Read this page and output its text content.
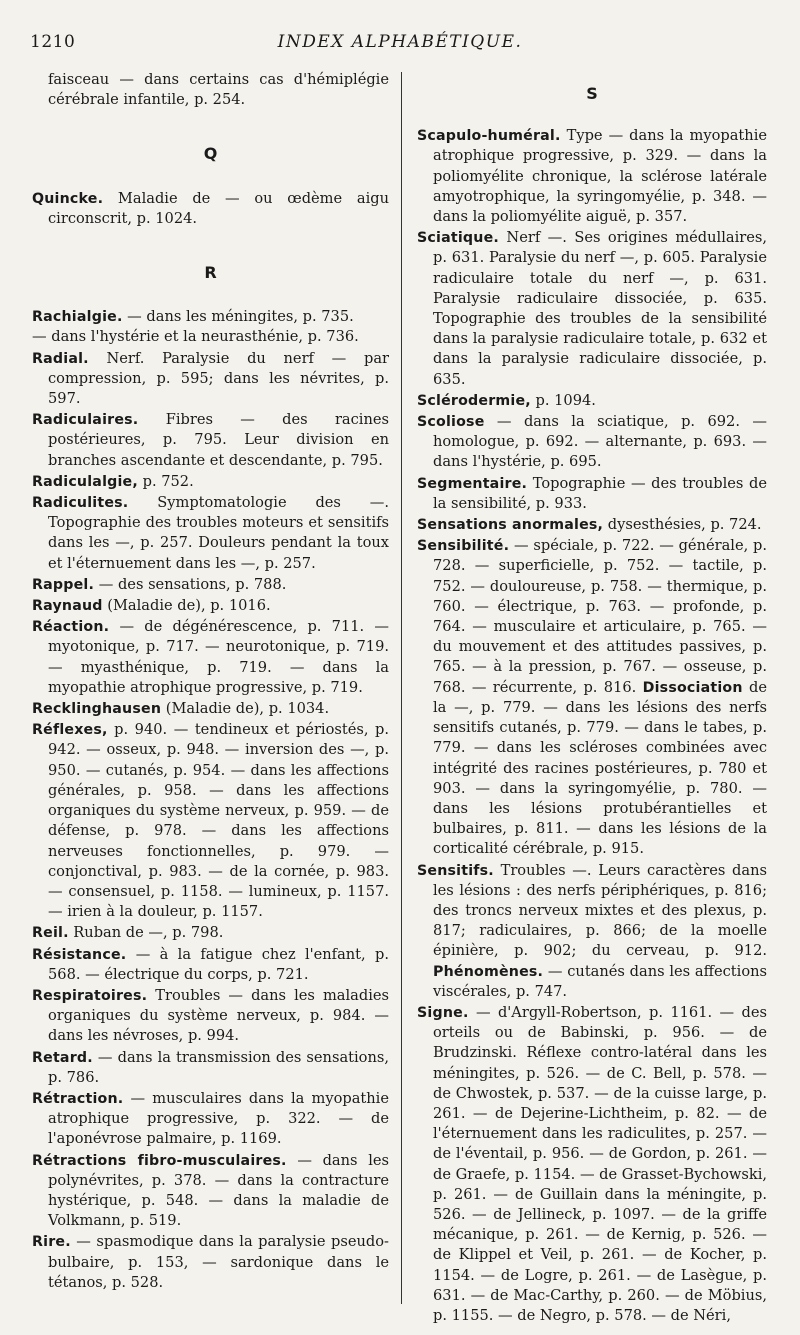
1210	INDEX ALPHABÉTIQUE.

faisceau — dans certains cas d'hémiplégie cérébrale infantile, p. 254.

Q

Quincke. Maladie de — ou œdème aigu circonscrit, p. 1024.

R

Rachialgie. — dans les méningites, p. 735.

— dans l'hystérie et la neurasthénie, p. 736.

Radial. Nerf. Paralysie du nerf — par compression, p. 595; dans les névrites, p. 597.

Radiculaires. Fibres — des racines postérieures, p. 795. Leur division en branches ascendante et descendante, p. 795.

Radiculalgie, p. 752.

Radiculites. Symptomatologie des —. Topographie des troubles moteurs et sensitifs dans les —, p. 257. Douleurs pendant la toux et l'éternuement dans les —, p. 257.

Rappel. — des sensations, p. 788.

Raynaud (Maladie de), p. 1016.

Réaction. — de dégénérescence, p. 711. — myotonique, p. 717. — neurotonique, p. 719. — myasthénique, p. 719. — dans la myopathie atrophique progressive, p. 719.

Recklinghausen (Maladie de), p. 1034.

Réflexes, p. 940. — tendineux et périostés, p. 942. — osseux, p. 948. — inversion des —, p. 950. — cutanés, p. 954. — dans les affections générales, p. 958. — dans les affections organiques du système nerveux, p. 959. — de défense, p. 978. — dans les affections nerveuses fonctionnelles, p. 979. — conjonctival, p. 983. — de la cornée, p. 983. — consensuel, p. 1158. — lumineux, p. 1157. — irien à la douleur, p. 1157.

Reil. Ruban de —, p. 798.

Résistance. — à la fatigue chez l'enfant, p. 568. — électrique du corps, p. 721.

Respiratoires. Troubles — dans les maladies organiques du système nerveux, p. 984. — dans les névroses, p. 994.

Retard. — dans la transmission des sensations, p. 786.

Rétraction. — musculaires dans la myopathie atrophique progressive, p. 322. — de l'aponévrose palmaire, p. 1169.

Rétractions fibro-musculaires. — dans les polynévrites, p. 378. — dans la contracture hystérique, p. 548. — dans la maladie de Volkmann, p. 519.

Rire. — spasmodique dans la paralysie pseudo-bulbaire, p. 153, — sardonique dans le tétanos, p. 528.

S

Scapulo-huméral. Type — dans la myopathie atrophique progressive, p. 329. — dans la poliomyélite chronique, la sclérose latérale amyotrophique, la syringomyélie, p. 348. — dans la poliomyélite aiguë, p. 357.

Sciatique. Nerf —. Ses origines médullaires, p. 631. Paralysie du nerf —, p. 605. Paralysie radiculaire totale du nerf —, p. 631. Paralysie radiculaire dissociée, p. 635. Topographie des troubles de la sensibilité dans la paralysie radiculaire totale, p. 632 et dans la paralysie radiculaire dissociée, p. 635.

Sclérodermie, p. 1094.

Scoliose — dans la sciatique, p. 692. — homologue, p. 692. — alternante, p. 693. — dans l'hystérie, p. 695.

Segmentaire. Topographie — des troubles de la sensibilité, p. 933.

Sensations anormales, dysesthésies, p. 724.

Sensibilité. — spéciale, p. 722. — générale, p. 728. — superficielle, p. 752. — tactile, p. 752. — douloureuse, p. 758. — thermique, p. 760. — électrique, p. 763. — profonde, p. 764. — musculaire et articulaire, p. 765. — du mouvement et des attitudes passives, p. 765. — à la pression, p. 767. — osseuse, p. 768. — récurrente, p. 816. Dissociation de la —, p. 779. — dans les lésions des nerfs sensitifs cutanés, p. 779. — dans le tabes, p. 779. — dans les scléroses combinées avec intégrité des racines postérieures, p. 780 et 903. — dans la syringomyélie, p. 780. — dans les lésions protubérantielles et bulbaires, p. 811. — dans les lésions de la corticalité cérébrale, p. 915.

Sensitifs. Troubles —. Leurs caractères dans les lésions : des nerfs périphériques, p. 816; des troncs nerveux mixtes et des plexus, p. 817; radiculaires, p. 866; de la moelle épinière, p. 902; du cerveau, p. 912. Phénomènes. — cutanés dans les affections viscérales, p. 747.

Signe. — d'Argyll-Robertson, p. 1161. — des orteils ou de Babinski, p. 956. — de Brudzinski. Réflexe contro-latéral dans les méningites, p. 526. — de C. Bell, p. 578. — de Chwostek, p. 537. — de la cuisse large, p. 261. — de Dejerine-Lichtheim, p. 82. — de l'éternuement dans les radiculites, p. 257. — de l'éventail, p. 956. — de Gordon, p. 261. — de Graefe, p. 1154. — de Grasset-Bychowski, p. 261. — de Guillain dans la méningite, p. 526. — de Jellineck, p. 1097. — de la griffe mécanique, p. 261. — de Kernig, p. 526. — de Klippel et Veil, p. 261. — de Kocher, p. 1154. — de Logre, p. 261. — de Lasègue, p. 631. — de Mac-Carthy, p. 260. — de Möbius, p. 1155. — de Negro, p. 578. — de Néri,
